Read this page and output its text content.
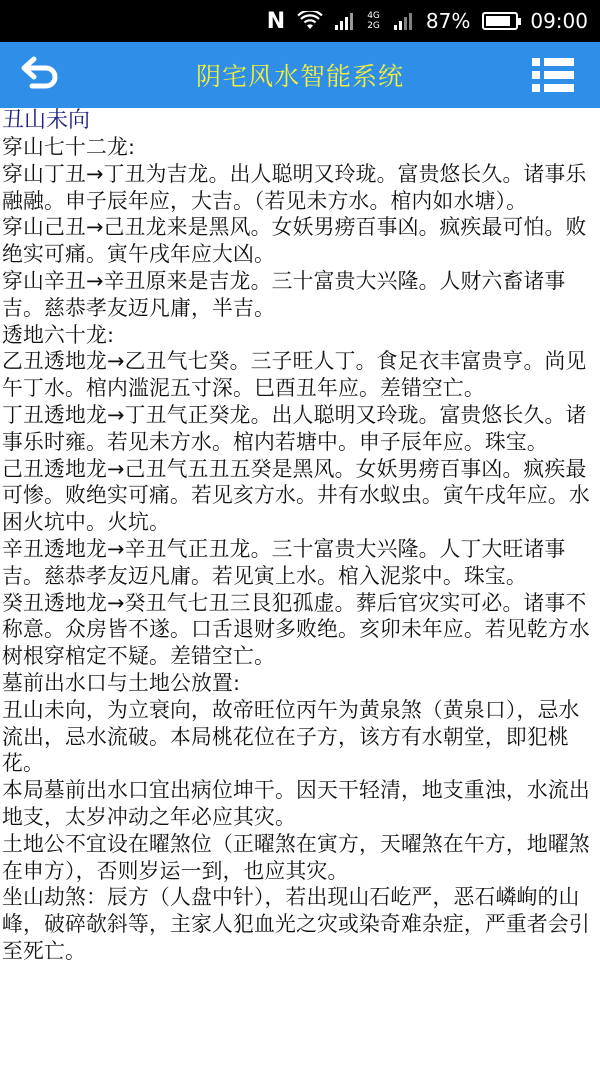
N	4G
2G 87%	09:00
阴宅风水智能系统
丑山未向

穿山七十二龙:

穿山丁丑→丁丑为吉龙。出人聪明又玲珑。富贵悠长久。诸事乐融融。申子辰年应，大吉。（若见未方水。棺内如水塘）。

穿山己丑→己丑龙来是黑风。女妖男痨百事凶。疯疾最可怕。败绝实可痛。寅午戌年应大凶。

穿山辛丑→辛丑原来是吉龙。三十富贵大兴隆。人财六畜诸事吉。慈恭孝友迈凡庸，半吉。

透地六十龙:

乙丑透地龙→乙丑气七癸。三子旺人丁。食足衣丰富贵亨。尚见午丁水。棺内滥泥五寸深。巳酉丑年应。差错空亡。

丁丑透地龙→丁丑气正癸龙。出人聪明又玲珑。富贵悠长久。诸事乐时雍。若见未方水。棺内若塘中。申子辰年应。珠宝。

己丑透地龙→己丑气五丑五癸是黑风。女妖男痨百事凶。疯疾最可惨。败绝实可痛。若见亥方水。井有水蚁虫。寅午戌年应。水困火坑中。火坑。

辛丑透地龙→辛丑气正丑龙。三十富贵大兴隆。人丁大旺诸事吉。慈恭孝友迈凡庸。若见寅上水。棺入泥浆中。珠宝。

癸丑透地龙→癸丑气七丑三艮犯孤虚。葬后官灾实可必。诸事不称意。众房皆不遂。口舌退财多败绝。亥卯未年应。若见乾方水树根穿棺定不疑。差错空亡。

墓前出水口与土地公放置:

丑山未向，为立衰向，故帝旺位丙午为黄泉煞（黄泉口），忌水流出，忌水流破。本局桃花位在子方，该方有水朝堂，即犯桃花。

本局墓前出水口宜出病位坤干。因天干轻清，地支重浊，水流出地支，太岁冲动之年必应其灾。

土地公不宜设在曜煞位（正曜煞在寅方，天曜煞在午方，地曜煞在申方），否则岁运一到，也应其灾。

坐山劫煞：辰方（人盘中针），若出现山石屹严，恶石嶙峋的山峰，破碎欹斜等，主家人犯血光之灾或染奇难杂症，严重者会引至死亡。
